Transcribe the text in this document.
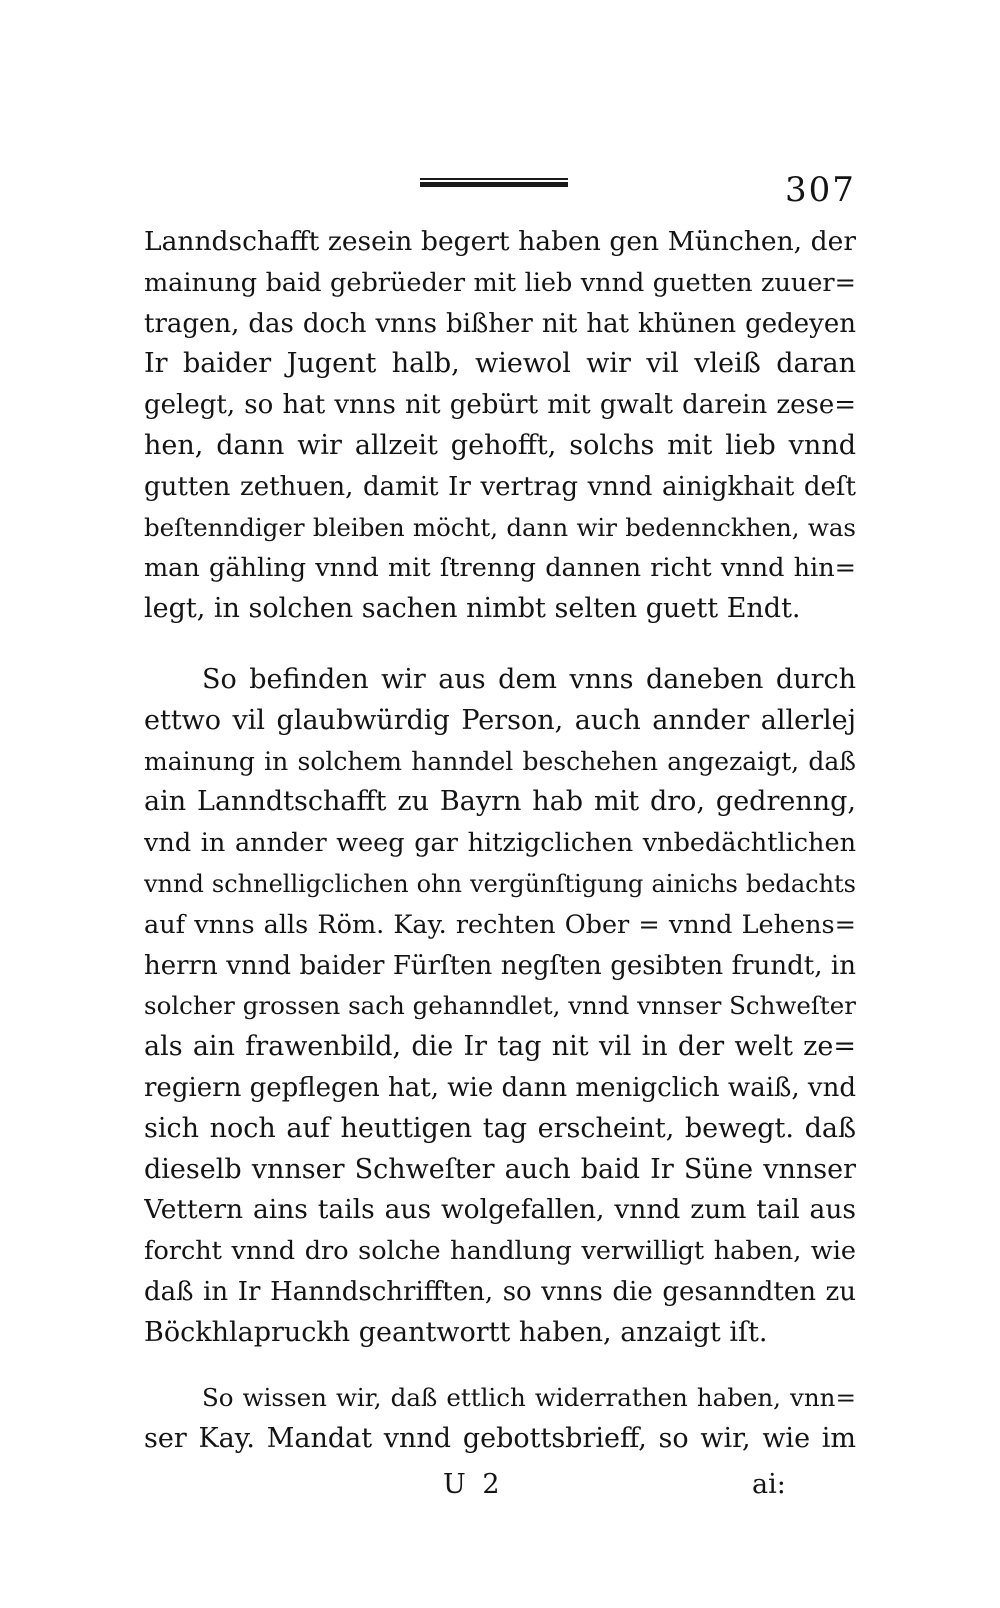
307
Lanndschafft zesein begert haben gen München, der
mainung baid gebrüeder mit lieb vnnd guetten zuuer=
tragen, das doch vnns bißher nit hat khünen gedeyen
Ir baider Jugent halb, wiewol wir vil vleiß daran
gelegt, so hat vnns nit gebürt mit gwalt darein zese=
hen, dann wir allzeit gehofft, solchs mit lieb vnnd
gutten zethuen, damit Ir vertrag vnnd ainigkhait deſt
beſtenndiger bleiben möcht, dann wir bedennckhen, was
man gähling vnnd mit ſtrenng dannen richt vnnd hin=
legt, in solchen sachen nimbt selten guett Endt.
So befinden wir aus dem vnns daneben durch
ettwo vil glaubwürdig Person, auch annder allerlej
mainung in solchem hanndel beschehen angezaigt, daß
ain Lanndtschafft zu Bayrn hab mit dro, gedrenng,
vnd in annder weeg gar hitzigclichen vnbedächtlichen
vnnd schnelligclichen ohn vergünſtigung ainichs bedachts
auf vnns alls Röm. Kay. rechten Ober = vnnd Lehens=
herrn vnnd baider Fürſten negſten gesibten frundt, in
solcher grossen sach gehanndlet, vnnd vnnser Schweſter
als ain frawenbild, die Ir tag nit vil in der welt ze=
regiern gepflegen hat, wie dann menigclich waiß, vnd
sich noch auf heuttigen tag erscheint, bewegt. daß
dieselb vnnser Schweſter auch baid Ir Süne vnnser
Vettern ains tails aus wolgefallen, vnnd zum tail aus
forcht vnnd dro solche handlung verwilligt haben, wie
daß in Ir Hanndschrifften, so vnns die gesanndten zu
Böckhlapruckh geantwortt haben, anzaigt iſt.
So wissen wir, daß ettlich widerrathen haben, vnn=
ser Kay. Mandat vnnd gebottsbrieff, so wir, wie im
U 2	ai:
